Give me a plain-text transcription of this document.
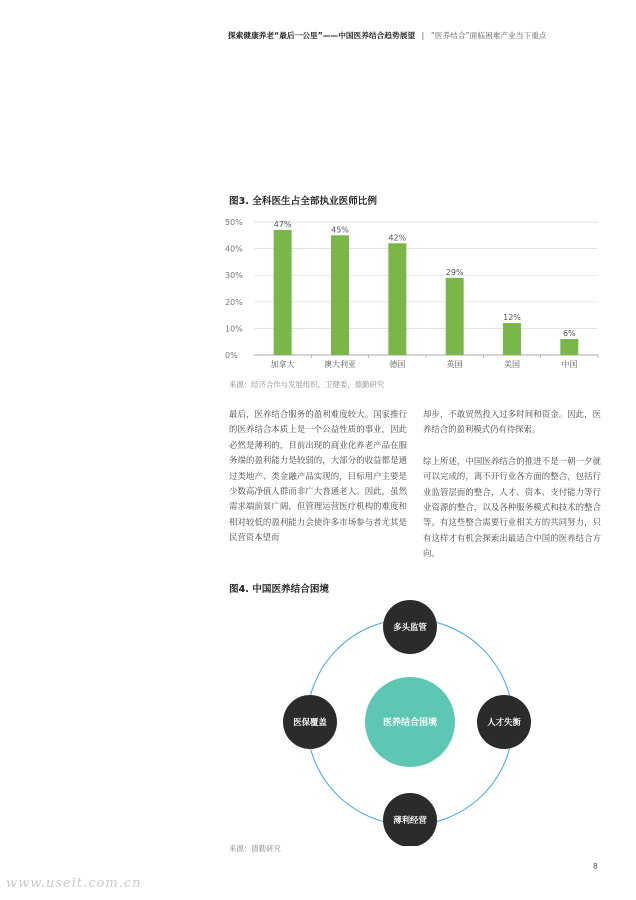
探索健康养老“最后一公里”——中国医养结合趋势展望 | “医养结合”面临困难产业当下重点
图3. 全科医生占全部执业医师比例
0%
10%
20%
30%
40%
50%	47%
加拿大
45%
澳大利亚
42%
德国
29%
英国
12%
美国
6%
中国
来源：经济合作与发展组织，卫健委，德勤研究

最后，医养结合服务的盈利难度较大。国家推行的医养结合本质上是一个公益性质的事业，因此必然是薄利的，目前出现的商业化养老产品在服务端的盈利能力是较弱的，大部分的收益都是通过类地产、类金融产品实现的，目标用户主要是少数高净值人群而非广大普通老人。因此，虽然需求端前景广阔，但管理运营医疗机构的难度和相对较低的盈利能力会使许多市场参与者尤其是民营资本望而

却步，不敢贸然投入过多时间和资金。因此，医养结合的盈利模式仍有待探索。

综上所述，中国医养结合的推进不是一朝一夕就可以完成的，离不开行业各方面的整合，包括行业监管层面的整合，人才、资本、支付能力等行业资源的整合，以及各种服务模式和技术的整合等。有这些整合需要行业相关方的共同努力，只有这样才有机会探索出最适合中国的医养结合方向。

图4. 中国医养结合困境
医养结合困境
多头监管
医保覆盖	人才失衡
薄利经营
来源：德勤研究
8
www.useit.com.cn
